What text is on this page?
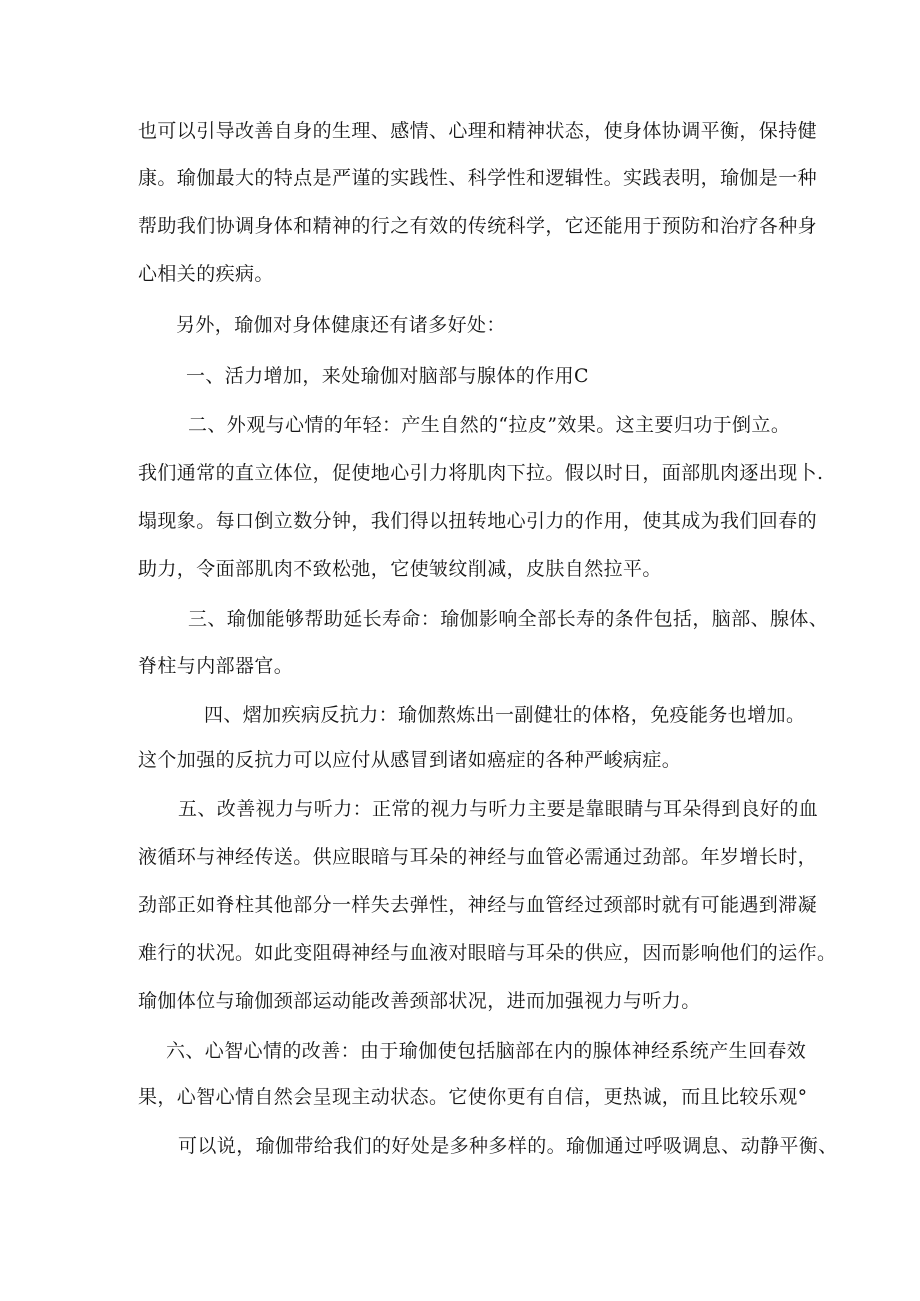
也可以引导改善自身的生理、感情、心理和精神状态，使身体协调平衡，保持健

康。瑜伽最大的特点是严谨的实践性、科学性和逻辑性。实践表明，瑜伽是一种

帮助我们协调身体和精神的行之有效的传统科学，它还能用于预防和治疗各种身

心相关的疾病。

另外，瑜伽对身体健康还有诸多好处：

一、活力增加，来处瑜伽对脑部与腺体的作用C

二、外观与心情的年轻：产生自然的“拉皮”效果。这主要归功于倒立。

我们通常的直立体位，促使地心引力将肌肉下拉。假以时日，面部肌肉逐出现卜.

塌现象。每口倒立数分钟，我们得以扭转地心引力的作用，使其成为我们回春的

助力，令面部肌肉不致松弛，它使皱纹削减，皮肤自然拉平。

三、瑜伽能够帮助延长寿命：瑜伽影响全部长寿的条件包括，脑部、腺体、

脊柱与内部器官。

四、熠加疾病反抗力：瑜伽熬炼出一副健壮的体格，免疫能务也增加。

这个加强的反抗力可以应付从感冒到诸如癌症的各种严峻病症。

五、改善视力与听力：正常的视力与听力主要是靠眼睛与耳朵得到良好的血

液循环与神经传送。供应眼暗与耳朵的神经与血管必需通过劲部。年岁增长时，

劲部正如脊柱其他部分一样失去弹性，神经与血管经过颈部时就有可能遇到滞凝

难行的状况。如此变阻碍神经与血液对眼暗与耳朵的供应，因而影响他们的运作。

瑜伽体位与瑜伽颈部运动能改善颈部状况，进而加强视力与听力。

六、心智心情的改善：由于瑜伽使包括脑部在内的腺体神经系统产生回春效

果，心智心情自然会呈现主动状态。它使你更有自信，更热诚，而且比较乐观°

可以说，瑜伽带给我们的好处是多种多样的。瑜伽通过呼吸调息、动静平衡、
